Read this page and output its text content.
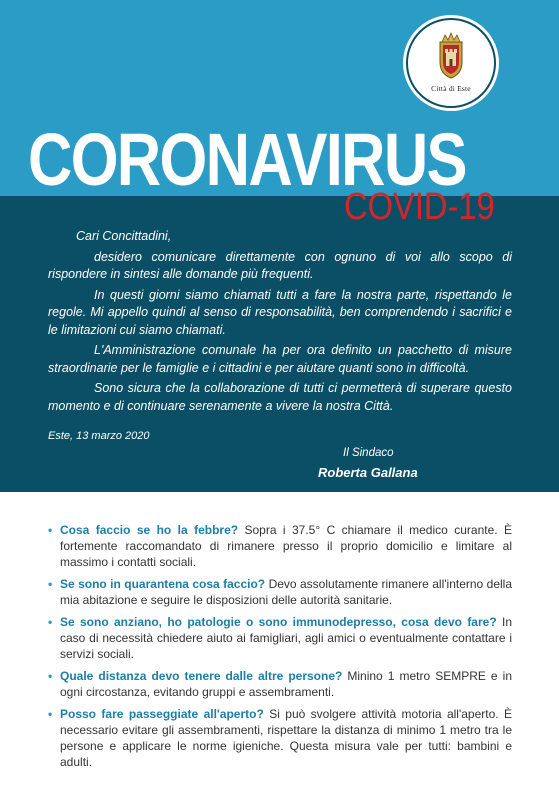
Città di Este
CORONAVIRUS
COVID-19

Cari Concittadini,

desidero comunicare direttamente con ognuno di voi allo scopo di rispondere in sintesi alle domande più frequenti.

In questi giorni siamo chiamati tutti a fare la nostra parte, rispettando le regole. Mi appello quindi al senso di responsabilità, ben comprendendo i sacrifici e le limitazioni cui siamo chiamati.

L'Amministrazione comunale ha per ora definito un pacchetto di misure straordinarie per le famiglie e i cittadini e per aiutare quanti sono in difficoltà.

Sono sicura che la collaborazione di tutti ci permetterà di superare questo momento e di continuare serenamente a vivere la nostra Città.

Este, 13 marzo 2020
Il Sindaco
Roberta Gallana
• Cosa faccio se ho la febbre? Sopra i 37.5° C chiamare il medico curante. È fortemente raccomandato di rimanere presso il proprio domicilio e limitare al massimo i contatti sociali.
• Se sono in quarantena cosa faccio? Devo assolutamente rimanere all'interno della mia abitazione e seguire le disposizioni delle autorità sanitarie.
• Se sono anziano, ho patologie o sono immunodepresso, cosa devo fare? In caso di necessità chiedere aiuto ai famigliari, agli amici o eventualmente contattare i servizi sociali.
• Quale distanza devo tenere dalle altre persone? Minino 1 metro SEMPRE e in ogni circostanza, evitando gruppi e assembramenti.
• Posso fare passeggiate all'aperto? Si può svolgere attività motoria all'aperto. È necessario evitare gli assembramenti, rispettare la distanza di minimo 1 metro tra le persone e applicare le norme igieniche. Questa misura vale per tutti: bambini e adulti.
